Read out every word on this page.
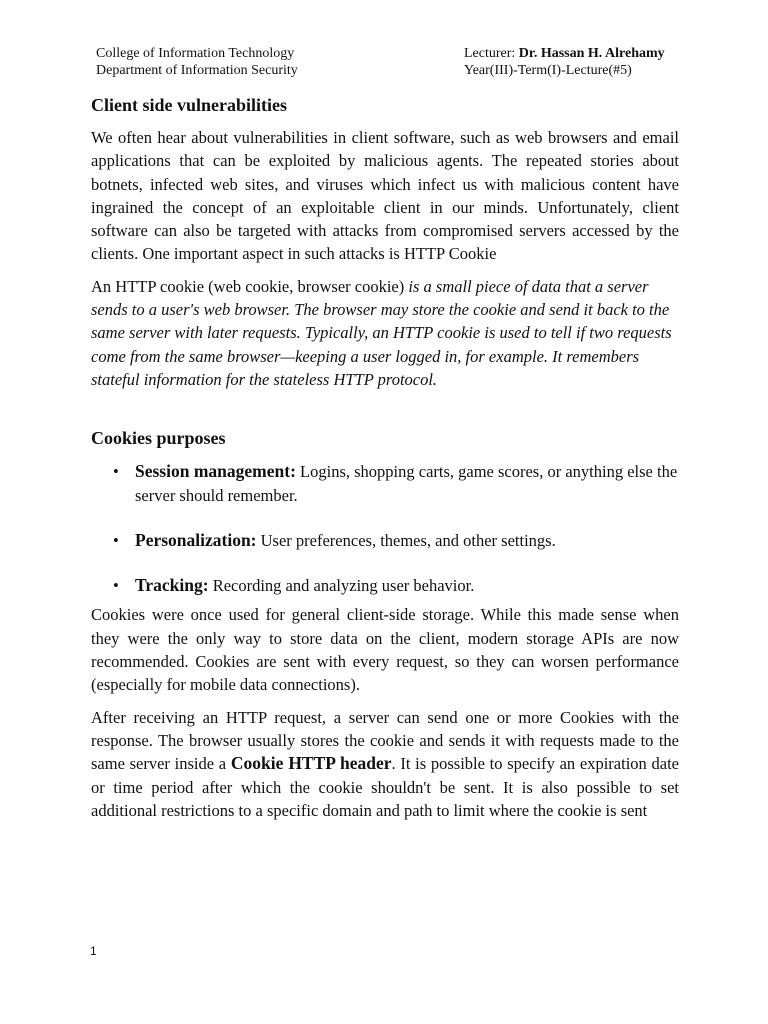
College of Information Technology
Department of Information Security
Lecturer: Dr. Hassan H. Alrehamy
Year(III)-Term(I)-Lecture(#5)
Client side vulnerabilities

We often hear about vulnerabilities in client software, such as web browsers and email applications that can be exploited by malicious agents. The repeated stories about botnets, infected web sites, and viruses which infect us with malicious content have ingrained the concept of an exploitable client in our minds. Unfortunately, client software can also be targeted with attacks from compromised servers accessed by the clients. One important aspect in such attacks is HTTP Cookie

An HTTP cookie (web cookie, browser cookie) is a small piece of data that a server sends to a user's web browser. The browser may store the cookie and send it back to the same server with later requests. Typically, an HTTP cookie is used to tell if two requests come from the same browser—keeping a user logged in, for example. It remembers stateful information for the stateless HTTP protocol.

Cookies purposes
• Session management: Logins, shopping carts, game scores, or anything else the server should remember.
• Personalization: User preferences, themes, and other settings.
• Tracking: Recording and analyzing user behavior.

Cookies were once used for general client-side storage. While this made sense when they were the only way to store data on the client, modern storage APIs are now recommended. Cookies are sent with every request, so they can worsen performance (especially for mobile data connections).

After receiving an HTTP request, a server can send one or more Cookies with the response. The browser usually stores the cookie and sends it with requests made to the same server inside a Cookie HTTP header. It is possible to specify an expiration date or time period after which the cookie shouldn't be sent. It is also possible to set additional restrictions to a specific domain and path to limit where the cookie is sent

1
